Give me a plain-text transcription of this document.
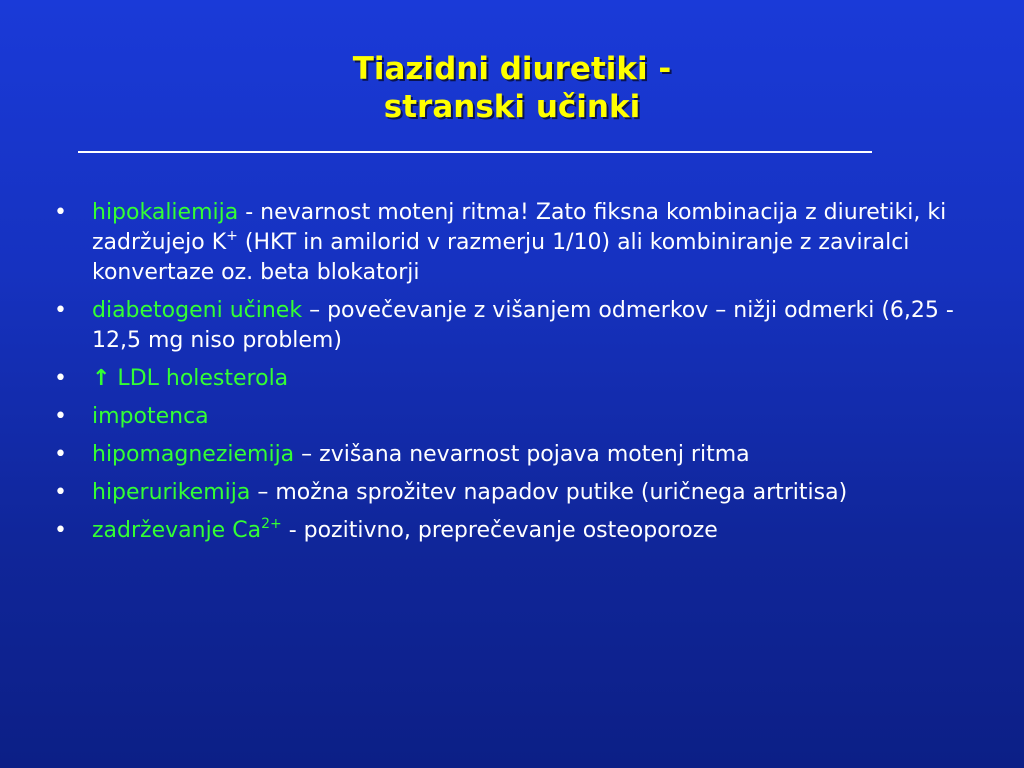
Tiazidni diuretiki -
stranski učinki
• hipokaliemija - nevarnost motenj ritma! Zato fiksna kombinacija z diuretiki, ki zadržujejo K+ (HKT in amilorid v razmerju 1/10) ali kombiniranje z zaviralci konvertaze oz. beta blokatorji
• diabetogeni učinek – povečevanje z višanjem odmerkov – nižji odmerki (6,25 - 12,5 mg niso problem)
• ↑ LDL holesterola
• impotenca
• hipomagneziemija – zvišana nevarnost pojava motenj ritma
• hiperurikemija – možna sprožitev napadov putike (uričnega artritisa)
• zadrževanje $Ca^{2+}$ - pozitivno, preprečevanje osteoporoze
